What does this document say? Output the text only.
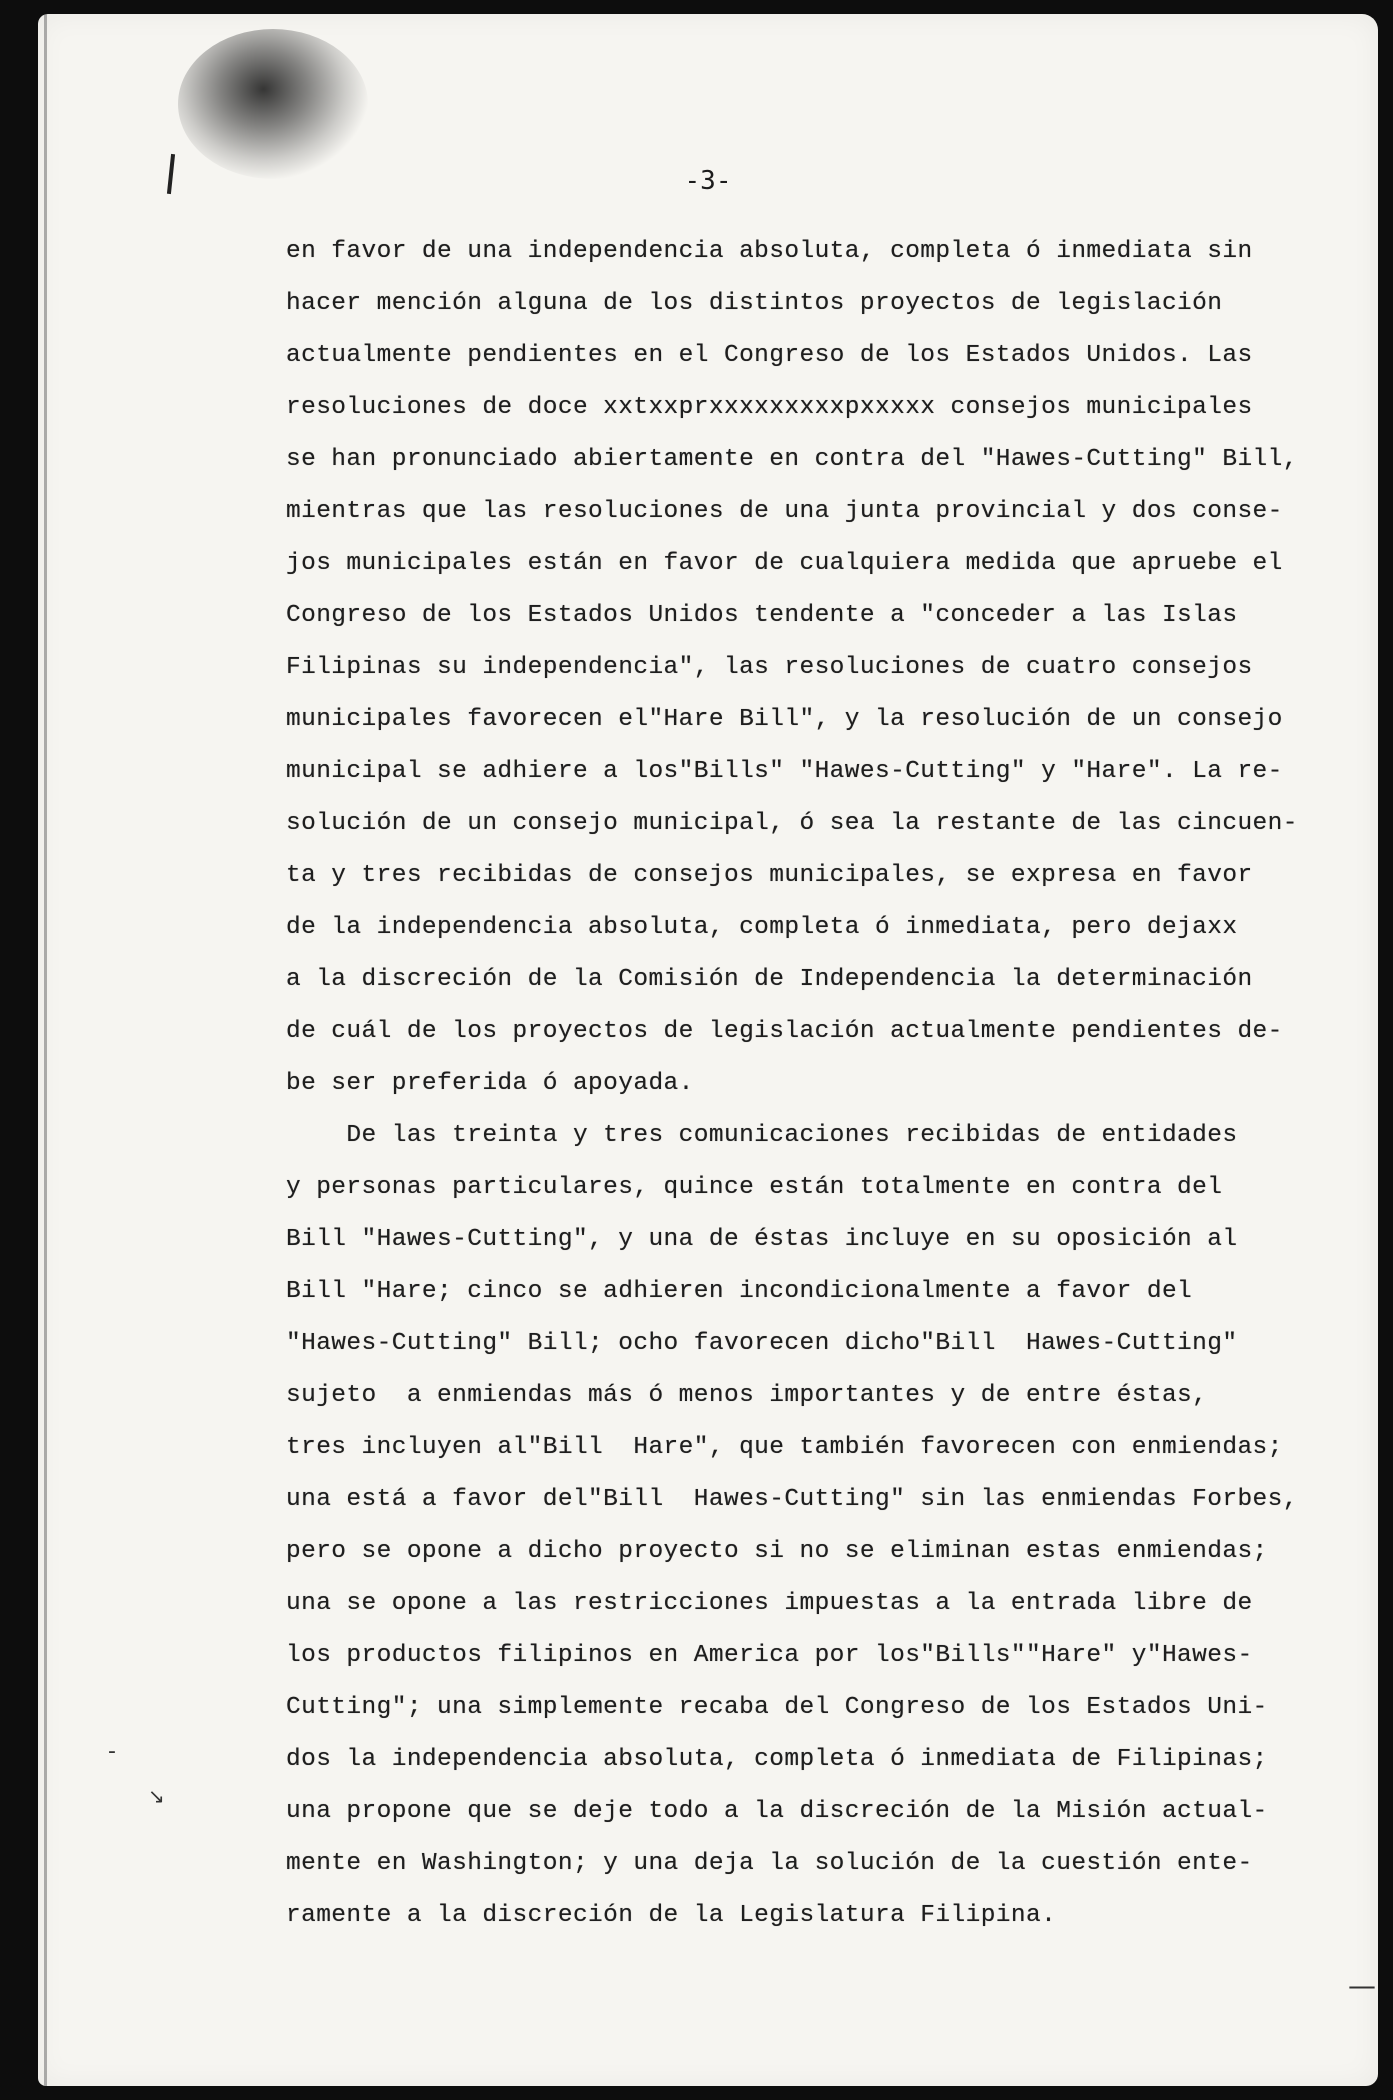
-3-
en favor de una independencia absoluta, completa ó inmediata sin
hacer mención alguna de los distintos proyectos de legislación
actualmente pendientes en el Congreso de los Estados Unidos. Las
resoluciones de doce xxtxxprxxxxxxxxxpxxxxx consejos municipales
se han pronunciado abiertamente en contra del "Hawes-Cutting" Bill,
mientras que las resoluciones de una junta provincial y dos conse-
jos municipales están en favor de cualquiera medida que apruebe el
Congreso de los Estados Unidos tendente a "conceder a las Islas
Filipinas su independencia", las resoluciones de cuatro consejos
municipales favorecen el"Hare Bill", y la resolución de un consejo
municipal se adhiere a los"Bills" "Hawes-Cutting" y "Hare". La re-
solución de un consejo municipal, ó sea la restante de las cincuen-
ta y tres recibidas de consejos municipales, se expresa en favor
de la independencia absoluta, completa ó inmediata, pero dejaxx
a la discreción de la Comisión de Independencia la determinación
de cuál de los proyectos de legislación actualmente pendientes de-
be ser preferida ó apoyada.
De las treinta y tres comunicaciones recibidas de entidades
y personas particulares, quince están totalmente en contra del
Bill "Hawes-Cutting", y una de éstas incluye en su oposición al
Bill "Hare; cinco se adhieren incondicionalmente a favor del
"Hawes-Cutting" Bill; ocho favorecen dicho"Bill  Hawes-Cutting"
sujeto  a enmiendas más ó menos importantes y de entre éstas,
tres incluyen al"Bill  Hare", que también favorecen con enmiendas;
una está a favor del"Bill  Hawes-Cutting" sin las enmiendas Forbes,
pero se opone a dicho proyecto si no se eliminan estas enmiendas;
una se opone a las restricciones impuestas a la entrada libre de
los productos filipinos en America por los"Bills""Hare" y"Hawes-
Cutting"; una simplemente recaba del Congreso de los Estados Uni-
dos la independencia absoluta, completa ó inmediata de Filipinas;
una propone que se deje todo a la discreción de la Misión actual-
mente en Washington; y una deja la solución de la cuestión ente-
ramente a la discreción de la Legislatura Filipina.
-
↘
—
